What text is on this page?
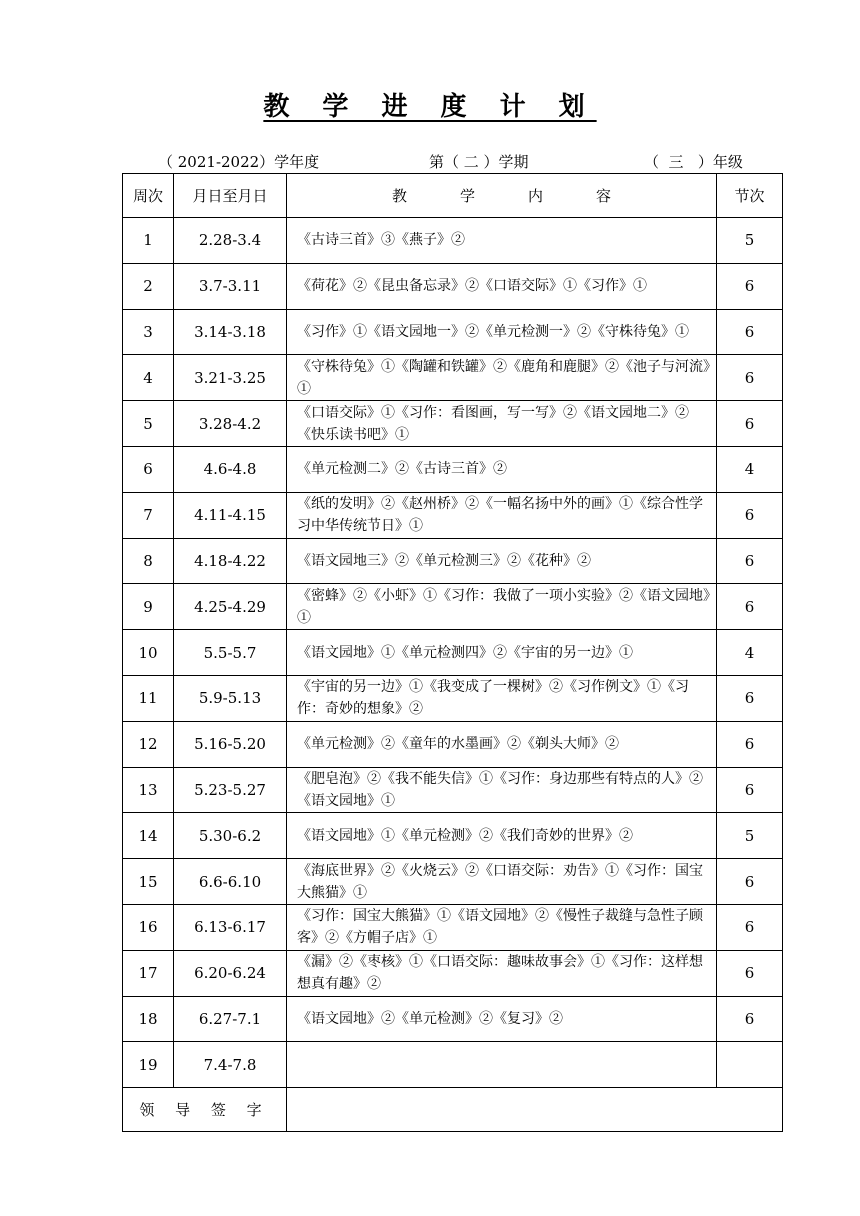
教 学 进 度 计 划
（ 2021-2022）学年度	第（ 二 ）学期	（  三   ）年级
周次	月日至月日	教 学 内 容	节次
1	2.28-3.4	《古诗三首》③《燕子》②	5
2	3.7-3.11	《荷花》②《昆虫备忘录》②《口语交际》①《习作》①	6
3	3.14-3.18	《习作》①《语文园地一》②《单元检测一》②《守株待兔》①	6
4	3.21-3.25	《守株待兔》①《陶罐和铁罐》②《鹿角和鹿腿》②《池子与河流》①	6
5	3.28-4.2	《口语交际》①《习作：看图画，写一写》②《语文园地二》②《快乐读书吧》①	6
6	4.6-4.8	《单元检测二》②《古诗三首》②	4
7	4.11-4.15	《纸的发明》②《赵州桥》②《一幅名扬中外的画》①《综合性学习中华传统节日》①	6
8	4.18-4.22	《语文园地三》②《单元检测三》②《花种》②	6
9	4.25-4.29	《密蜂》②《小虾》①《习作：我做了一项小实验》②《语文园地》①	6
10	5.5-5.7	《语文园地》①《单元检测四》②《宇宙的另一边》①	4
11	5.9-5.13	《宇宙的另一边》①《我变成了一棵树》②《习作例文》①《习作：奇妙的想象》②	6
12	5.16-5.20	《单元检测》②《童年的水墨画》②《剃头大师》②	6
13	5.23-5.27	《肥皂泡》②《我不能失信》①《习作：身边那些有特点的人》②《语文园地》①	6
14	5.30-6.2	《语文园地》①《单元检测》②《我们奇妙的世界》②	5
15	6.6-6.10	《海底世界》②《火烧云》②《口语交际：劝告》①《习作：国宝大熊猫》①	6
16	6.13-6.17	《习作：国宝大熊猫》①《语文园地》②《慢性子裁缝与急性子顾客》②《方帽子店》①	6
17	6.20-6.24	《漏》②《枣核》①《口语交际：趣味故事会》①《习作：这样想想真有趣》②	6
18	6.27-7.1	《语文园地》②《单元检测》②《复习》②	6
19	7.4-7.8		
领 导 签 字			
